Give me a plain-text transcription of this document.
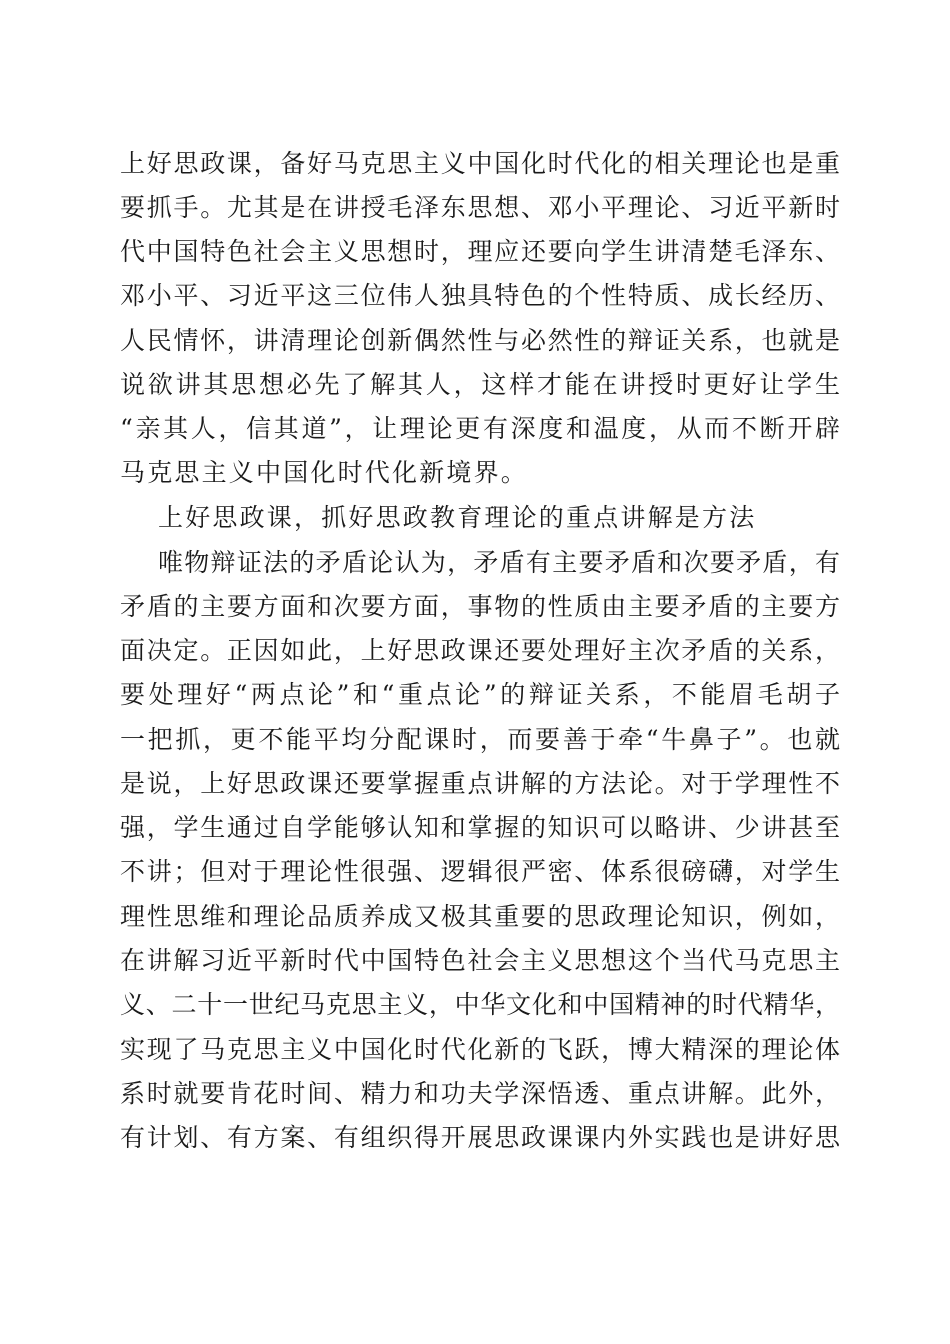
上好思政课，备好马克思主义中国化时代化的相关理论也是重
要抓手。尤其是在讲授毛泽东思想、邓小平理论、习近平新时
代中国特色社会主义思想时，理应还要向学生讲清楚毛泽东、
邓小平、习近平这三位伟人独具特色的个性特质、成长经历、
人民情怀，讲清理论创新偶然性与必然性的辩证关系，也就是
说欲讲其思想必先了解其人，这样才能在讲授时更好让学生
“亲其人，信其道”，让理论更有深度和温度，从而不断开辟
马克思主义中国化时代化新境界。
上好思政课，抓好思政教育理论的重点讲解是方法
唯物辩证法的矛盾论认为，矛盾有主要矛盾和次要矛盾，有
矛盾的主要方面和次要方面，事物的性质由主要矛盾的主要方
面决定。正因如此，上好思政课还要处理好主次矛盾的关系，
要处理好“两点论”和“重点论”的辩证关系，不能眉毛胡子
一把抓，更不能平均分配课时，而要善于牵“牛鼻子”。也就
是说，上好思政课还要掌握重点讲解的方法论。对于学理性不
强，学生通过自学能够认知和掌握的知识可以略讲、少讲甚至
不讲；但对于理论性很强、逻辑很严密、体系很磅礴，对学生
理性思维和理论品质养成又极其重要的思政理论知识，例如，
在讲解习近平新时代中国特色社会主义思想这个当代马克思主
义、二十一世纪马克思主义，中华文化和中国精神的时代精华，
实现了马克思主义中国化时代化新的飞跃，博大精深的理论体
系时就要肯花时间、精力和功夫学深悟透、重点讲解。此外，
有计划、有方案、有组织得开展思政课课内外实践也是讲好思
